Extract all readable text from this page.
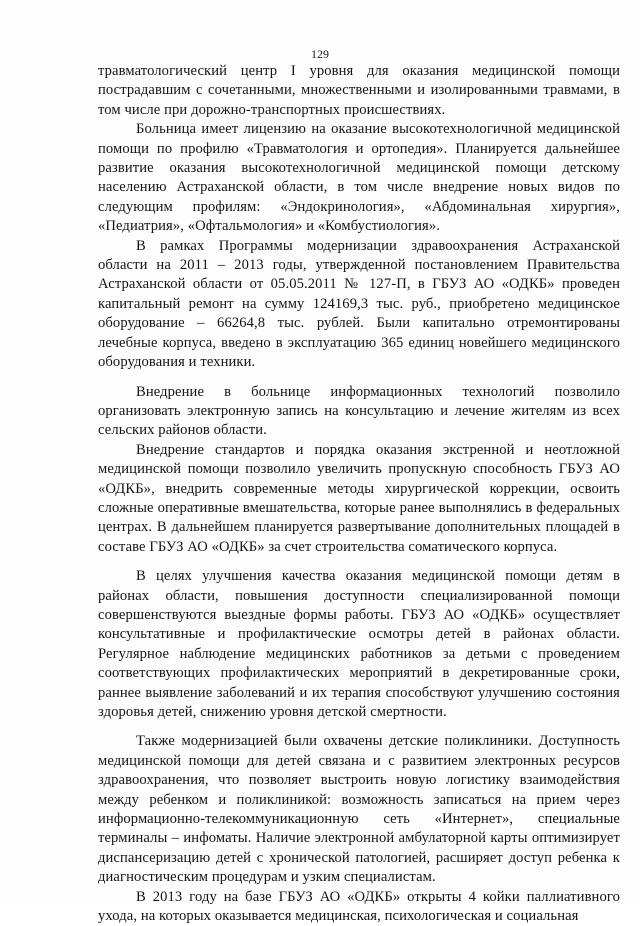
129

травматологический центр I уровня для оказания медицинской помощи пострадавшим с сочетанными, множественными и изолированными травмами, в том числе при дорожно-транспортных происшествиях.

Больница имеет лицензию на оказание высокотехнологичной медицинской помощи по профилю «Травматология и ортопедия». Планируется дальнейшее развитие оказания высокотехнологичной медицинской помощи детскому населению Астраханской области, в том числе внедрение новых видов по следующим профилям: «Эндокринология», «Абдоминальная хирургия», «Педиатрия», «Офтальмология» и «Комбустиология».

В рамках Программы модернизации здравоохранения Астраханской области на 2011 – 2013 годы, утвержденной постановлением Правительства Астраханской области от 05.05.2011 № 127-П, в ГБУЗ АО «ОДКБ» проведен капитальный ремонт на сумму 124169,3 тыс. руб., приобретено медицинское оборудование – 66264,8 тыс. рублей. Были капитально отремонтированы лечебные корпуса, введено в эксплуатацию 365 единиц новейшего медицинского оборудования и техники.

Внедрение в больнице информационных технологий позволило организовать электронную запись на консультацию и лечение жителям из всех сельских районов области.

Внедрение стандартов и порядка оказания экстренной и неотложной медицинской помощи позволило увеличить пропускную способность ГБУЗ АО «ОДКБ», внедрить современные методы хирургической коррекции, освоить сложные оперативные вмешательства, которые ранее выполнялись в федеральных центрах. В дальнейшем планируется развертывание дополнительных площадей в составе ГБУЗ АО «ОДКБ» за счет строительства соматического корпуса.

В целях улучшения качества оказания медицинской помощи детям в районах области, повышения доступности специализированной помощи совершенствуются выездные формы работы. ГБУЗ АО «ОДКБ» осуществляет консультативные и профилактические осмотры детей в районах области. Регулярное наблюдение медицинских работников за детьми с проведением соответствующих профилактических мероприятий в декретированные сроки, раннее выявление заболеваний и их терапия способствуют улучшению состояния здоровья детей, снижению уровня детской смертности.

Также модернизацией были охвачены детские поликлиники. Доступность медицинской помощи для детей связана и с развитием электронных ресурсов здравоохранения, что позволяет выстроить новую логистику взаимодействия между ребенком и поликлиникой: возможность записаться на прием через информационно-телекоммуникационную сеть «Интернет», специальные терминалы – инфоматы. Наличие электронной амбулаторной карты оптимизирует диспансеризацию детей с хронической патологией, расширяет доступ ребенка к диагностическим процедурам и узким специалистам.

В 2013 году на базе ГБУЗ АО «ОДКБ» открыты 4 койки паллиативного ухода, на которых оказывается медицинская, психологическая и социальная
